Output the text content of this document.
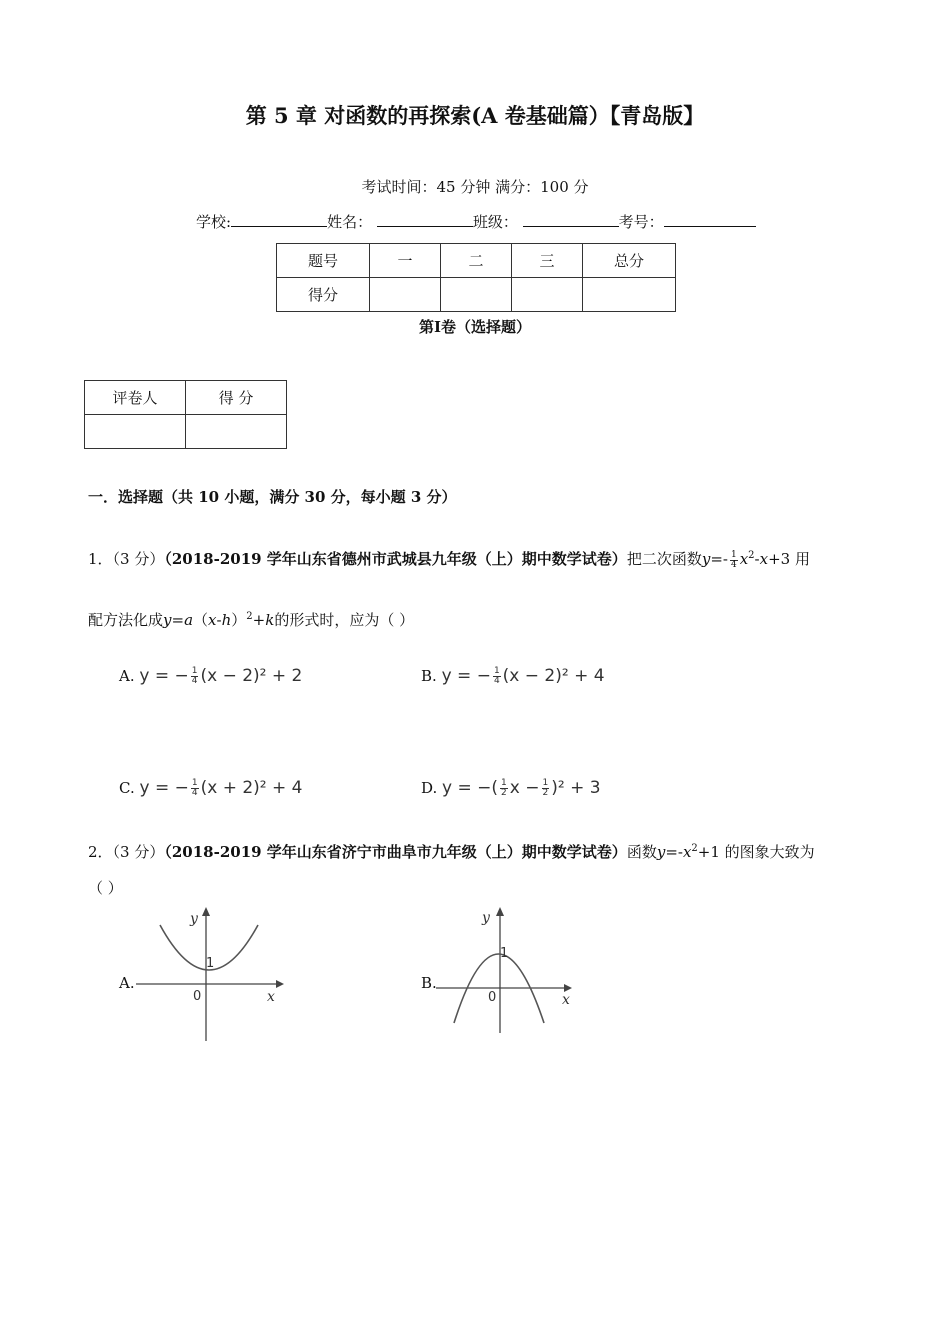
第 5 章 对函数的再探索(A 卷基础篇）【青岛版】
考试时间：45 分钟 满分：100 分
学校:	姓名：	班级：	考号：
题号	一	二	三	总分
得分				
第Ⅰ卷（选择题）
评卷人	得 分

一．选择题（共 10 小题，满分 30 分，每小题 3 分）
1．（3 分）（2018-2019 学年山东省德州市武城县九年级（上）期中数学试卷）把二次函数$y=- \frac{1}{4} x^2-x+3$ 用
配方法化成$y=a(x-h)^2+k$的形式时，应为（ ）
A. y = − $\frac{1}{4} (x - 2)^2 + 2$	B. y = − $\frac{1}{4} (x - 2)^2 + 4$
C. y = − $\frac{1}{4} (x + 2)^2 + 4$	D. y = −( $\frac{1}{2}$ $x - \frac{1}{2} )^2 + 3$
2．（3 分）（2018-2019 学年山东省济宁市曲阜市九年级（上）期中数学试卷）函数$y=-x^2+1$ 的图象大致为
（ ）
A.
y
x
1
0
B.
y
x
1
0
